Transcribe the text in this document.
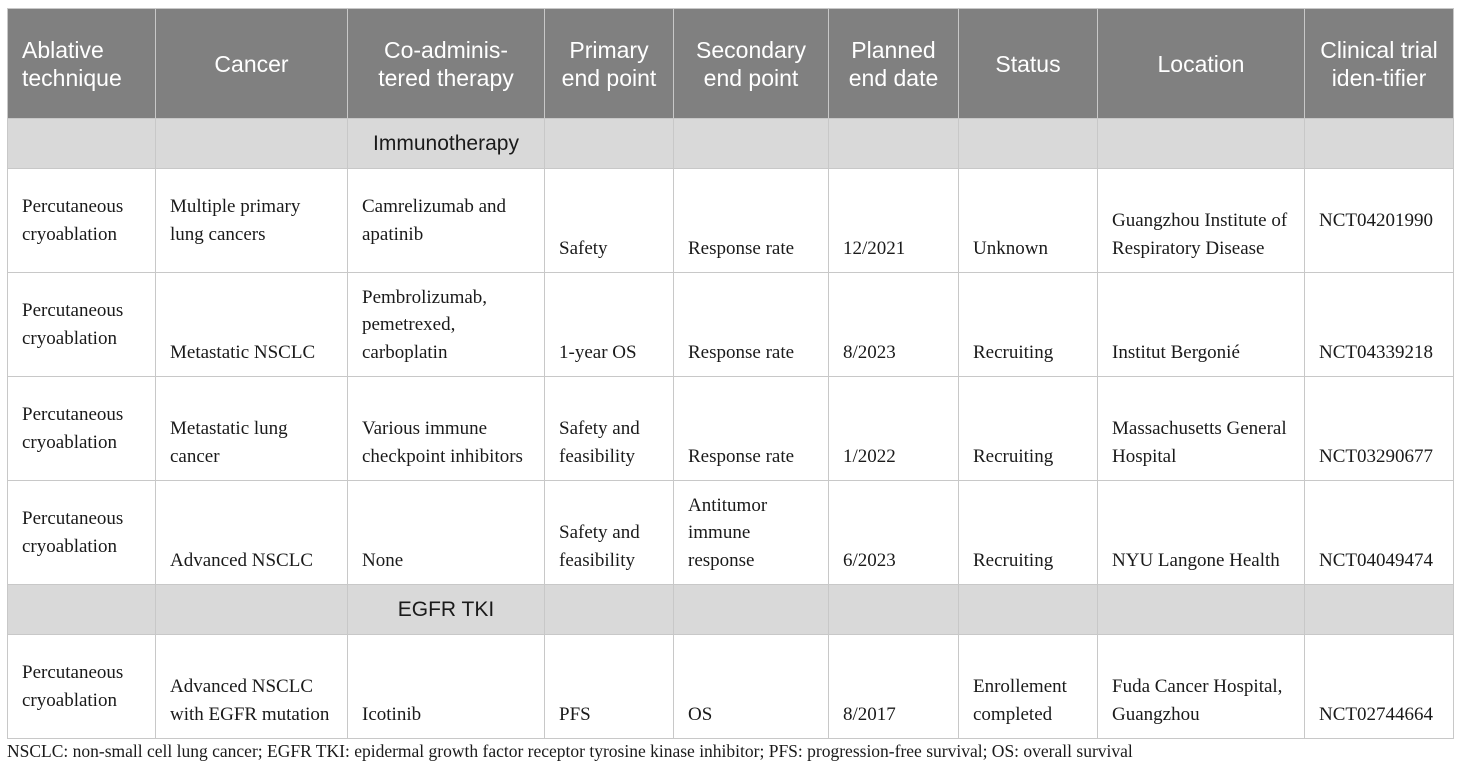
Ablative technique	Cancer	Co-adminis-tered therapy	Primary end point	Secondary end point	Planned end date	Status	Location	Clinical trial iden-tifier
		Immunotherapy						
Percutaneous cryoablation	Multiple primary lung cancers	Camrelizumab and apatinib	Safety	Response rate	12/2021	Unknown	Guangzhou Institute of Respiratory Disease	NCT04201990
Percutaneous cryoablation	Metastatic NSCLC	Pembrolizumab, pemetrexed, carboplatin	1-year OS	Response rate	8/2023	Recruiting	Institut Bergonié	NCT04339218
Percutaneous cryoablation	Metastatic lung cancer	Various immune checkpoint inhibitors	Safety and feasibility	Response rate	1/2022	Recruiting	Massachusetts General Hospital	NCT03290677
Percutaneous cryoablation	Advanced NSCLC	None	Safety and feasibility	Antitumor immune response	6/2023	Recruiting	NYU Langone Health	NCT04049474
		EGFR TKI						
Percutaneous cryoablation	Advanced NSCLC with EGFR mutation	Icotinib	PFS	OS	8/2017	Enrollement completed	Fuda Cancer Hospital, Guangzhou	NCT02744664
NSCLC: non-small cell lung cancer; EGFR TKI: epidermal growth factor receptor tyrosine kinase inhibitor; PFS: progression-free survival; OS: overall survival
